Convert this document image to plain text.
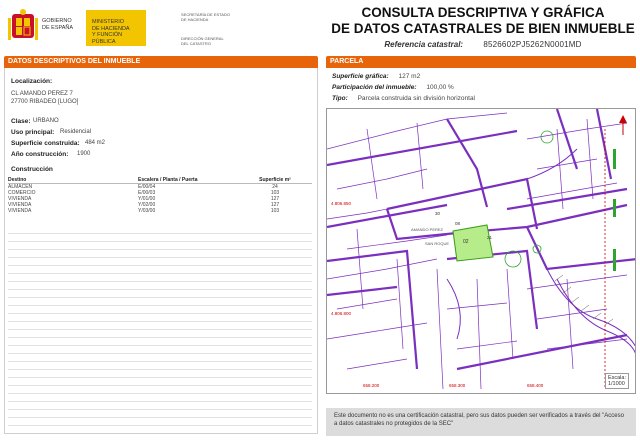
GOBIERNO
DE ESPAÑA
MINISTERIO
DE HACIENDA
Y FUNCIÓN PÚBLICA
SECRETARÍA DE ESTADO
DE HACIENDA
DIRECCIÓN GENERAL
DEL CATASTRO
CONSULTA DESCRIPTIVA Y GRÁFICA
DE DATOS CATASTRALES DE BIEN INMUEBLE
Referencia catastral:	8526602PJ5262N0001MD
DATOS DESCRIPTIVOS DEL INMUEBLE
Localización:
CL AMANDO PEREZ 7
27700 RIBADEO [LUGO]
Clase: URBANO
Uso principal: Residencial
Superficie construida: 484 m2
Año construcción: 1900
Construcción
Destino	Escalera / Planta / Puerta	Superficie m²
ALMACEN	E/00/04	24
COMERCIO	E/00/03	103
VIVIENDA	Y/01/00	127
VIVIENDA	Y/02/00	127
VIVIENDA	Y/03/00	103
PARCELA
Superficie gráfica: 127 m2
Participación del inmueble: 100,00 %
Tipo: Parcela construida sin división horizontal
4.806.850
4.806.800
658.200	658.300	658.400
02
08
30
21
AMANDO PEREZ
SAN ROQUE
Escala:
1/1000
Este documento no es una certificación catastral, pero sus datos pueden ser verificados a través del "Acceso a datos catastrales no protegidos de la SEC"
